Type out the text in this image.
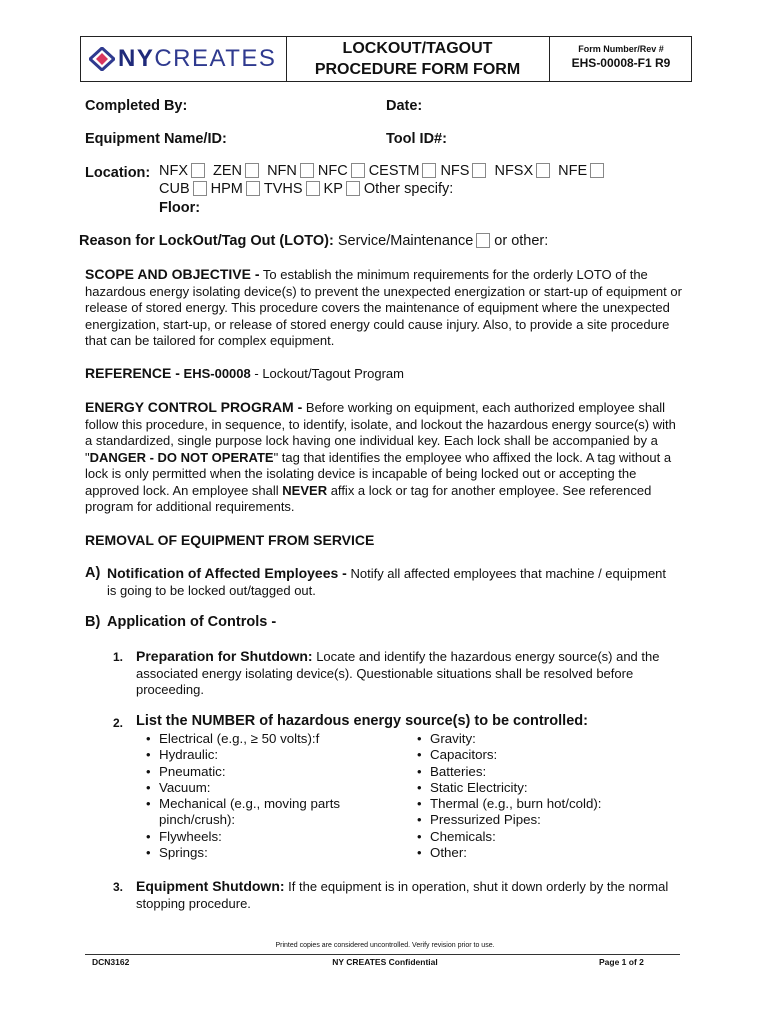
NYCREATES	LOCKOUT/TAGOUT
PROCEDURE FORM FORM
Form Number/Rev #
EHS-00008-F1 R9
Completed By:	Date:
Equipment Name/ID:	Tool ID#:
Location: NFX ZEN NFN NFC CESTM NFS NFSX NFE
CUB HPM TVHS KP Other specify:
Floor:
Reason for LockOut/Tag Out (LOTO): Service/Maintenance or other:
SCOPE AND OBJECTIVE - To establish the minimum requirements for the orderly LOTO of the hazardous energy isolating device(s) to prevent the unexpected energization or start-up of equipment or release of stored energy. This procedure covers the maintenance of equipment where the unexpected energization, start-up, or release of stored energy could cause injury. Also, to provide a site procedure that can be tailored for complex equipment.
REFERENCE - EHS-00008 - Lockout/Tagout Program
ENERGY CONTROL PROGRAM - Before working on equipment, each authorized employee shall follow this procedure, in sequence, to identify, isolate, and lockout the hazardous energy source(s) with a standardized, single purpose lock having one individual key. Each lock shall be accompanied by a "DANGER - DO NOT OPERATE" tag that identifies the employee who affixed the lock. A tag without a lock is only permitted when the isolating device is incapable of being locked out or accepting the approved lock. An employee shall NEVER affix a lock or tag for another employee. See referenced program for additional requirements.
REMOVAL OF EQUIPMENT FROM SERVICE
A) Notification of Affected Employees - Notify all affected employees that machine / equipment is going to be locked out/tagged out.
B) Application of Controls -
1. Preparation for Shutdown: Locate and identify the hazardous energy source(s) and the associated energy isolating device(s). Questionable situations shall be resolved before proceeding.
2. List the NUMBER of hazardous energy source(s) to be controlled:
• Electrical (e.g., ≥ 50 volts):f
• Hydraulic:
• Pneumatic:
• Vacuum:
• Mechanical (e.g., moving parts pinch/crush):
• Flywheels:
• Springs:
• Gravity:
• Capacitors:
• Batteries:
• Static Electricity:
• Thermal (e.g., burn hot/cold):
• Pressurized Pipes:
• Chemicals:
• Other:
3. Equipment Shutdown: If the equipment is in operation, shut it down orderly by the normal stopping procedure.
Printed copies are considered uncontrolled. Verify revision prior to use.
DCN3162	NY CREATES Confidential	Page 1 of 2
